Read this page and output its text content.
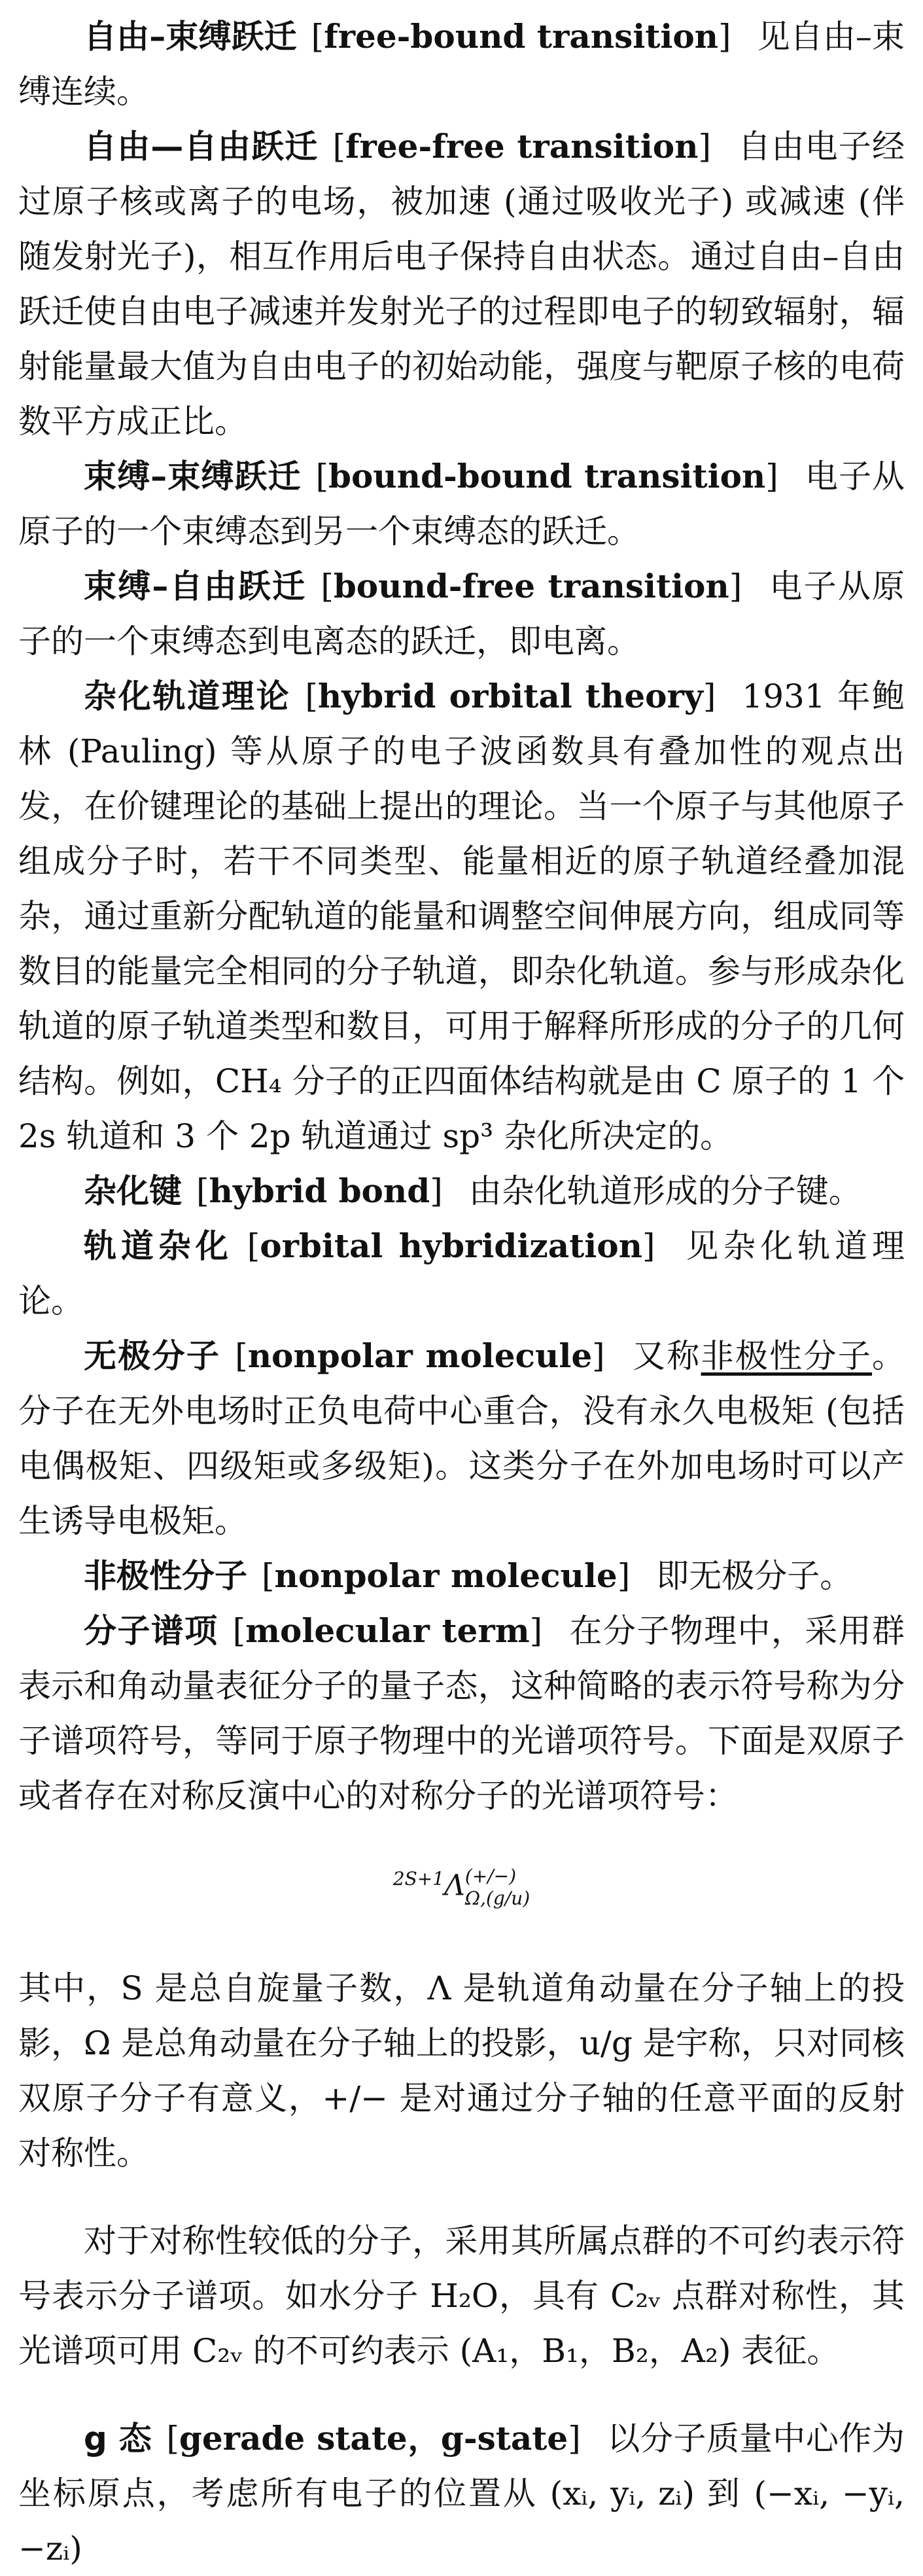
自由–束缚跃迁 [free-bound transition] 见自由–束缚连续。

自由—自由跃迁 [free-free transition] 自由电子经过原子核或离子的电场，被加速 (通过吸收光子) 或减速 (伴随发射光子)，相互作用后电子保持自由状态。通过自由–自由跃迁使自由电子减速并发射光子的过程即电子的轫致辐射，辐射能量最大值为自由电子的初始动能，强度与靶原子核的电荷数平方成正比。

束缚–束缚跃迁 [bound-bound transition] 电子从原子的一个束缚态到另一个束缚态的跃迁。

束缚–自由跃迁 [bound-free transition] 电子从原子的一个束缚态到电离态的跃迁，即电离。

杂化轨道理论 [hybrid orbital theory] 1931 年鲍林 (Pauling) 等从原子的电子波函数具有叠加性的观点出发，在价键理论的基础上提出的理论。当一个原子与其他原子组成分子时，若干不同类型、能量相近的原子轨道经叠加混杂，通过重新分配轨道的能量和调整空间伸展方向，组成同等数目的能量完全相同的分子轨道，即杂化轨道。参与形成杂化轨道的原子轨道类型和数目，可用于解释所形成的分子的几何结构。例如，CH₄ 分子的正四面体结构就是由 C 原子的 1 个 2s 轨道和 3 个 2p 轨道通过 sp³ 杂化所决定的。

杂化键 [hybrid bond] 由杂化轨道形成的分子键。

轨道杂化 [orbital hybridization] 见杂化轨道理论。

无极分子 [nonpolar molecule] 又称非极性分子。分子在无外电场时正负电荷中心重合，没有永久电极矩 (包括电偶极矩、四级矩或多级矩)。这类分子在外加电场时可以产生诱导电极矩。

非极性分子 [nonpolar molecule] 即无极分子。

分子谱项 [molecular term] 在分子物理中，采用群表示和角动量表征分子的量子态，这种简略的表示符号称为分子谱项符号，等同于原子物理中的光谱项符号。下面是双原子或者存在对称反演中心的对称分子的光谱项符号：

$^{2S+1}$Λ (+/−)
Ω,(g/u)

其中，S 是总自旋量子数，Λ 是轨道角动量在分子轴上的投影，Ω 是总角动量在分子轴上的投影，u/g 是宇称，只对同核双原子分子有意义，+/− 是对通过分子轴的任意平面的反射对称性。

对于对称性较低的分子，采用其所属点群的不可约表示符号表示分子谱项。如水分子 H₂O，具有 C₂ᵥ 点群对称性，其光谱项可用 C₂ᵥ 的不可约表示 (A₁，B₁，B₂，A₂) 表征。

g 态 [gerade state，g-state] 以分子质量中心作为坐标原点，考虑所有电子的位置从 (xᵢ, yᵢ, zᵢ) 到 (−xᵢ, −yᵢ, −zᵢ)
